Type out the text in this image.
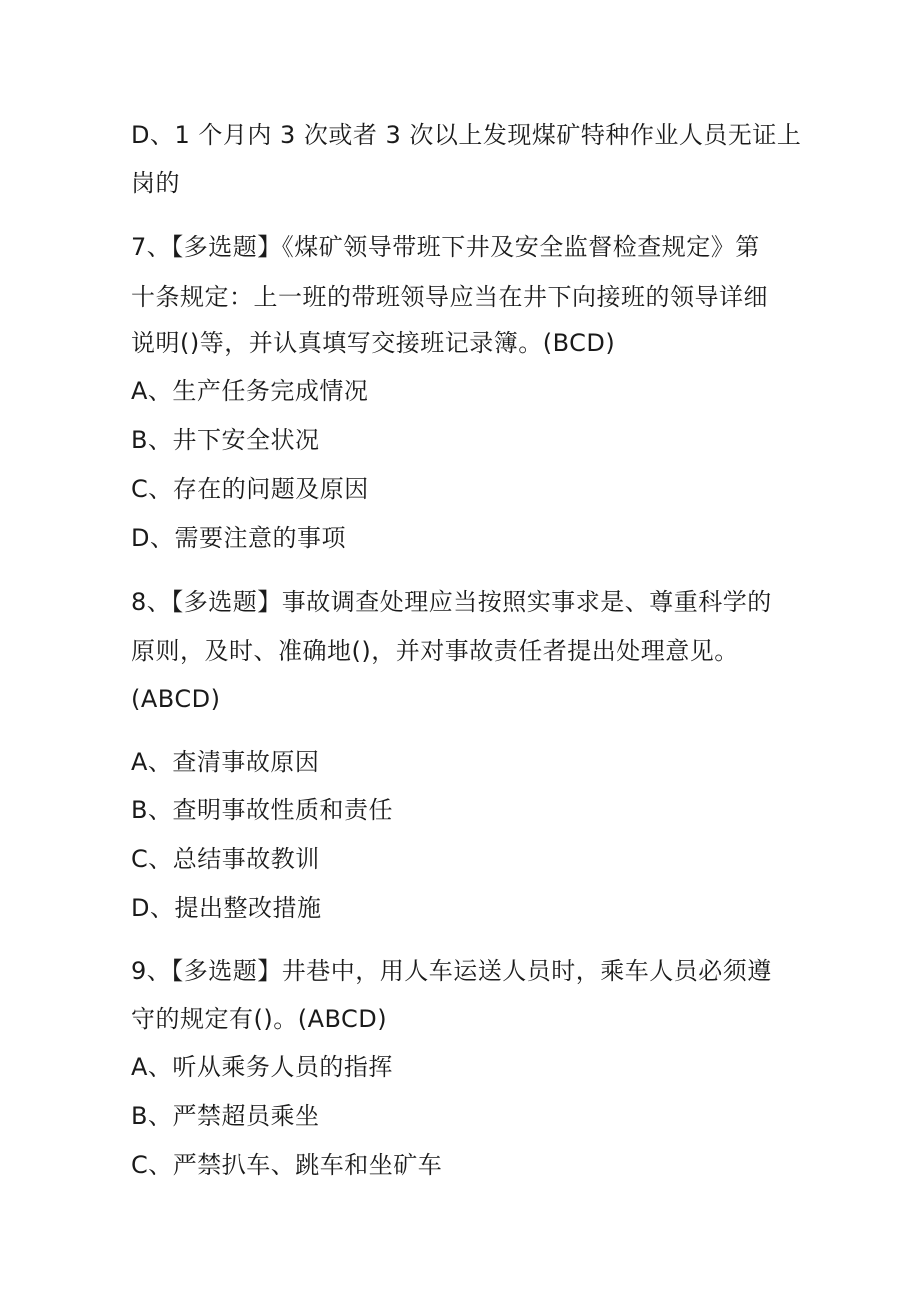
D、1 个月内 3 次或者 3 次以上发现煤矿特种作业人员无证上
岗的
7、【多选题】《煤矿领导带班下井及安全监督检查规定》第
十条规定：上一班的带班领导应当在井下向接班的领导详细
说明()等，并认真填写交接班记录簿。(BCD)
A、生产任务完成情况
B、井下安全状况
C、存在的问题及原因
D、需要注意的事项
8、【多选题】事故调查处理应当按照实事求是、尊重科学的
原则，及时、准确地()，并对事故责任者提出处理意见。
(ABCD)
A、查清事故原因
B、查明事故性质和责任
C、总结事故教训
D、提出整改措施
9、【多选题】井巷中，用人车运送人员时，乘车人员必须遵
守的规定有()。(ABCD)
A、听从乘务人员的指挥
B、严禁超员乘坐
C、严禁扒车、跳车和坐矿车
